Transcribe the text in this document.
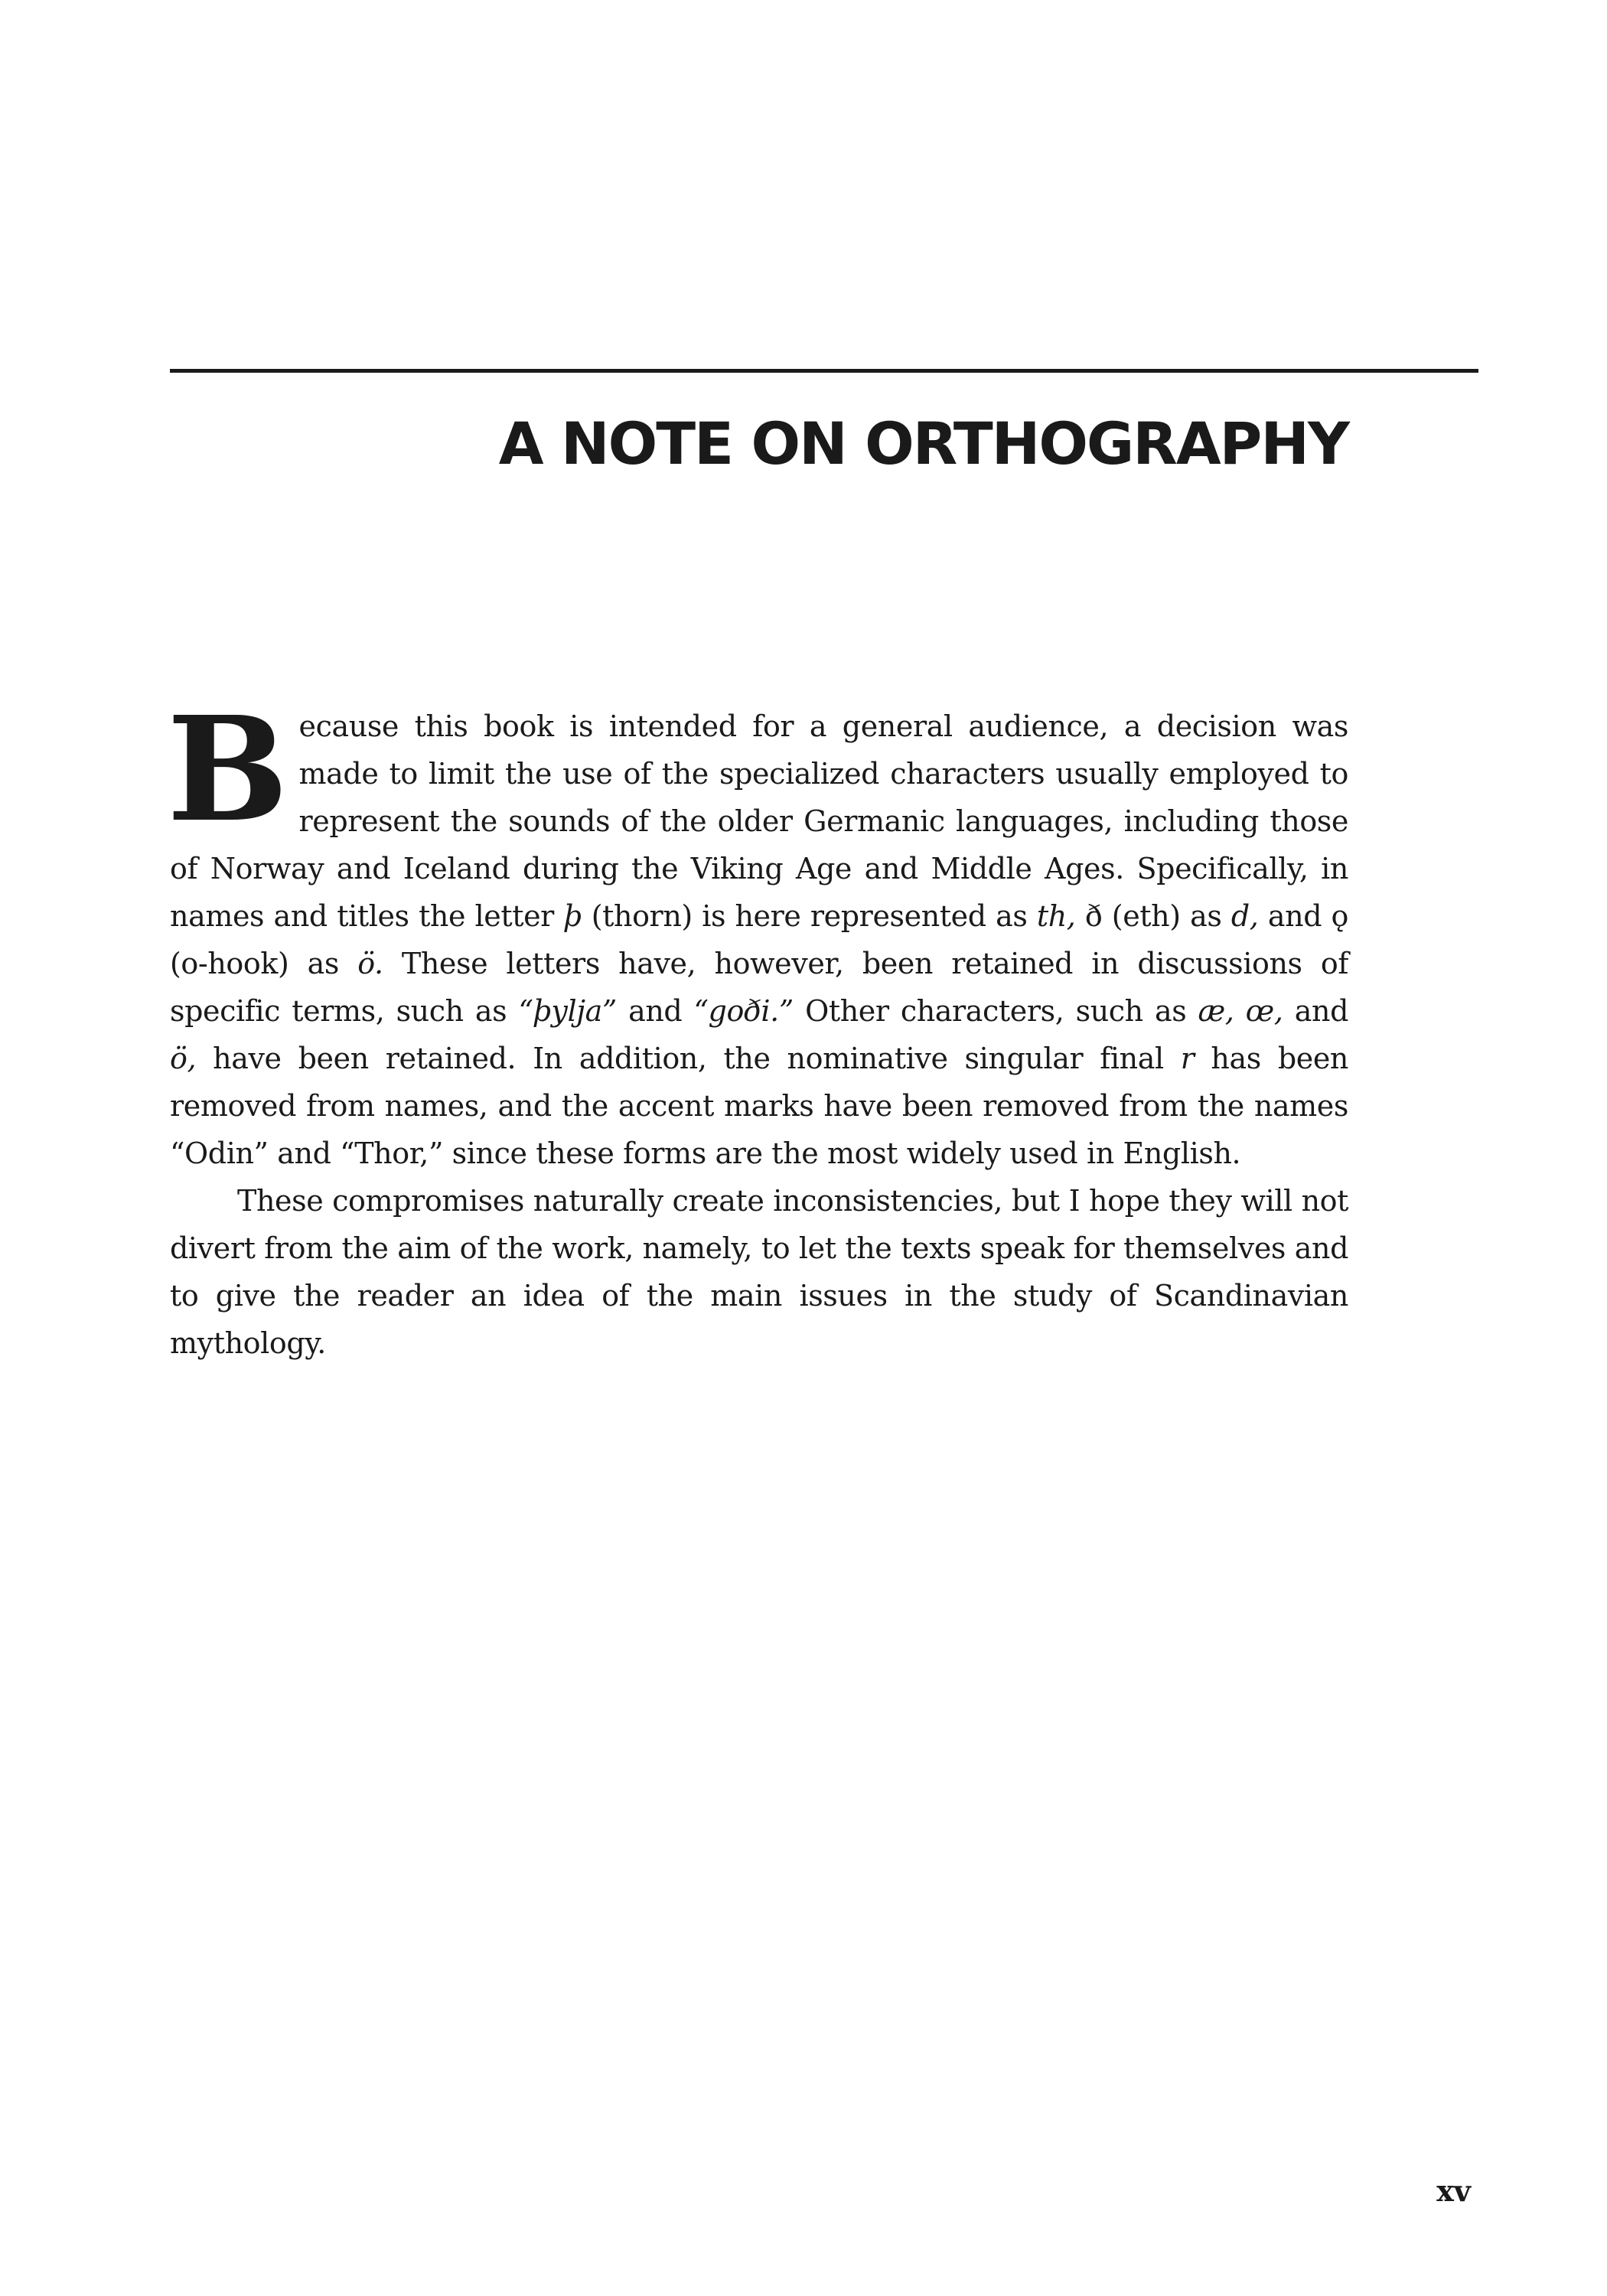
A NOTE ON ORTHOGRAPHY

Because this book is intended for a general audience, a decision was made to limit the use of the specialized characters usually employed to represent the sounds of the older Germanic languages, including those of Norway and Iceland during the Viking Age and Middle Ages. Specifically, in names and titles the letter þ (thorn) is here represented as th, ð (eth) as d, and ǫ (o-hook) as ö. These letters have, however, been retained in discussions of specific terms, such as “þylja” and “goði.” Other characters, such as æ, œ, and ö, have been retained. In addition, the nominative singular final r has been removed from names, and the accent marks have been removed from the names “Odin” and “Thor,” since these forms are the most widely used in English.

These compromises naturally create inconsistencies, but I hope they will not divert from the aim of the work, namely, to let the texts speak for themselves and to give the reader an idea of the main issues in the study of Scandinavian mythology.

xv
